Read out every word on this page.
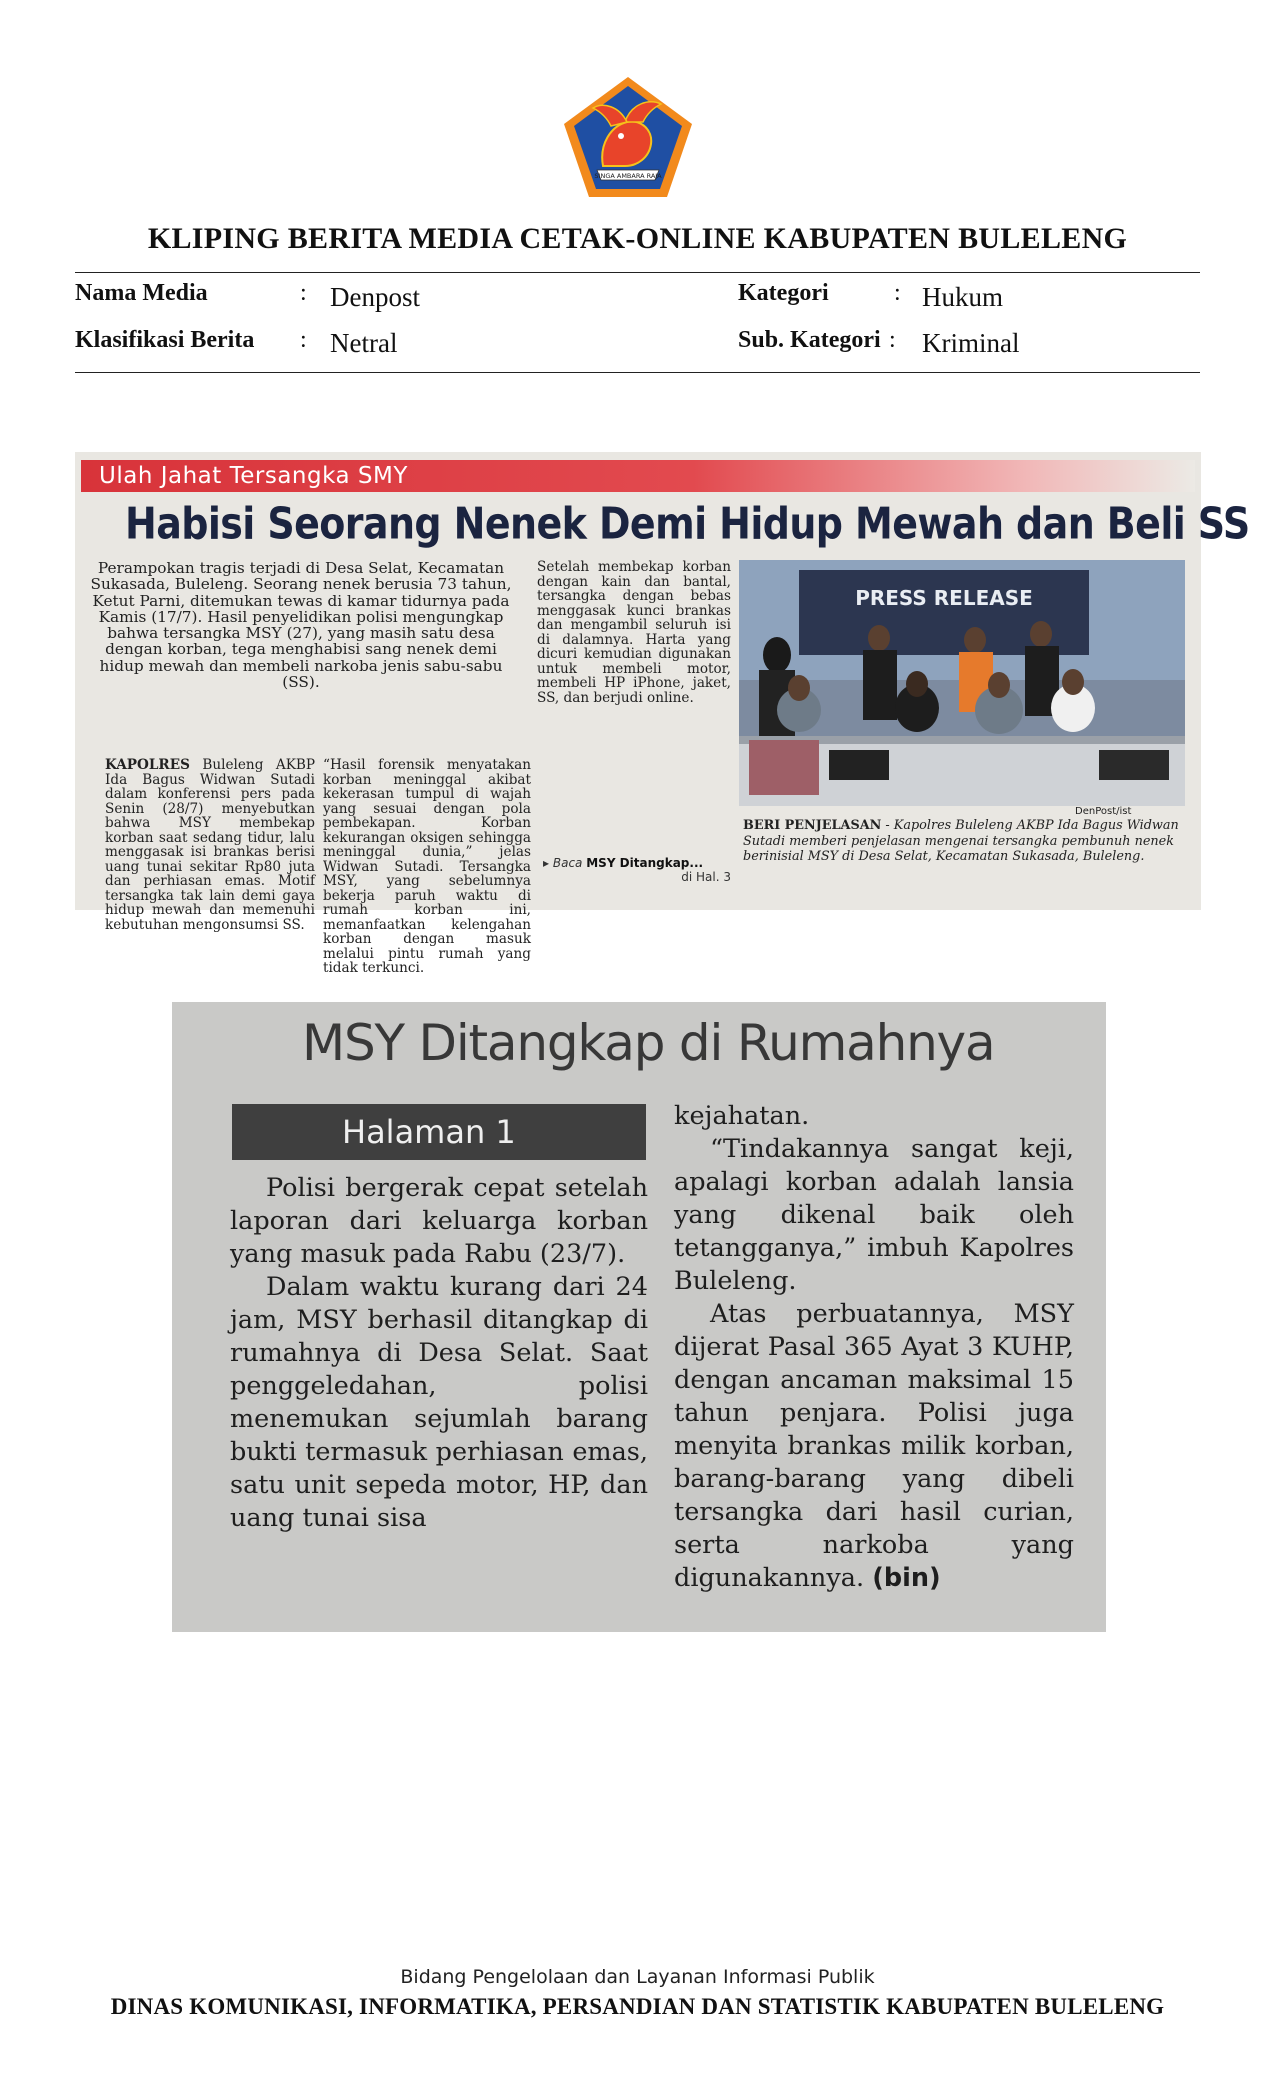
SINGA AMBARA RAJA
KLIPING BERITA MEDIA CETAK-ONLINE KABUPATEN BULELENG
Nama Media	: Denpost	Kategori	: Hukum
Klasifikasi Berita : Netral	Sub. Kategori : Kriminal
Ulah Jahat Tersangka SMY
Habisi Seorang Nenek Demi Hidup Mewah dan Beli SS
Perampokan tragis terjadi di Desa Selat, Kecamatan Sukasada, Buleleng. Seorang nenek berusia 73 tahun, Ketut Parni, ditemukan tewas di kamar tidurnya pada Kamis (17/7). Hasil penyelidikan polisi mengungkap bahwa tersangka MSY (27), yang masih satu desa dengan korban, tega menghabisi sang nenek demi hidup mewah dan membeli narkoba jenis sabu-sabu (SS).
KAPOLRES Buleleng AKBP Ida Bagus Widwan Sutadi dalam konferensi pers pada Senin (28/7) menyebutkan bahwa MSY membekap korban saat sedang tidur, lalu menggasak isi brankas berisi uang tunai sekitar Rp80 juta dan perhiasan emas. Motif tersangka tak lain demi gaya hidup mewah dan memenuhi kebutuhan mengonsumsi SS.
“Hasil forensik menyatakan korban meninggal akibat kekerasan tumpul di wajah yang sesuai dengan pola pembekapan. Korban kekurangan oksigen sehingga meninggal dunia,” jelas Widwan Sutadi. Tersangka MSY, yang sebelumnya bekerja paruh waktu di rumah korban ini, memanfaatkan kelengahan korban dengan masuk melalui pintu rumah yang tidak terkunci.
Setelah membekap korban dengan kain dan bantal, tersangka dengan bebas menggasak kunci brankas dan mengambil seluruh isi di dalamnya. Harta yang dicuri kemudian digunakan untuk membeli motor, membeli HP iPhone, jaket, SS, dan berjudi online.
▸ Baca MSY Ditangkap...
di Hal. 3
PRESS RELEASE
DenPost/ist
BERI PENJELASAN - Kapolres Buleleng AKBP Ida Bagus Widwan Sutadi memberi penjelasan mengenai tersangka pembunuh nenek berinisial MSY di Desa Selat, Kecamatan Sukasada, Buleleng.
MSY Ditangkap di Rumahnya
Halaman 1

Polisi bergerak cepat setelah laporan dari keluarga korban yang masuk pada Rabu (23/7).

Dalam waktu kurang dari 24 jam, MSY berhasil ditangkap di rumahnya di Desa Selat. Saat penggeledahan, polisi menemukan sejumlah barang bukti termasuk perhiasan emas, satu unit sepeda motor, HP, dan uang tunai sisa

kejahatan.

“Tindakannya sangat keji, apalagi korban adalah lansia yang dikenal baik oleh tetangganya,” imbuh Kapolres Buleleng.

Atas perbuatannya, MSY dijerat Pasal 365 Ayat 3 KUHP, dengan ancaman maksimal 15 tahun penjara. Polisi juga menyita brankas milik korban, barang-barang yang dibeli tersangka dari hasil curian, serta narkoba yang digunakannya. (bin)

Bidang Pengelolaan dan Layanan Informasi Publik
DINAS KOMUNIKASI, INFORMATIKA, PERSANDIAN DAN STATISTIK KABUPATEN BULELENG
